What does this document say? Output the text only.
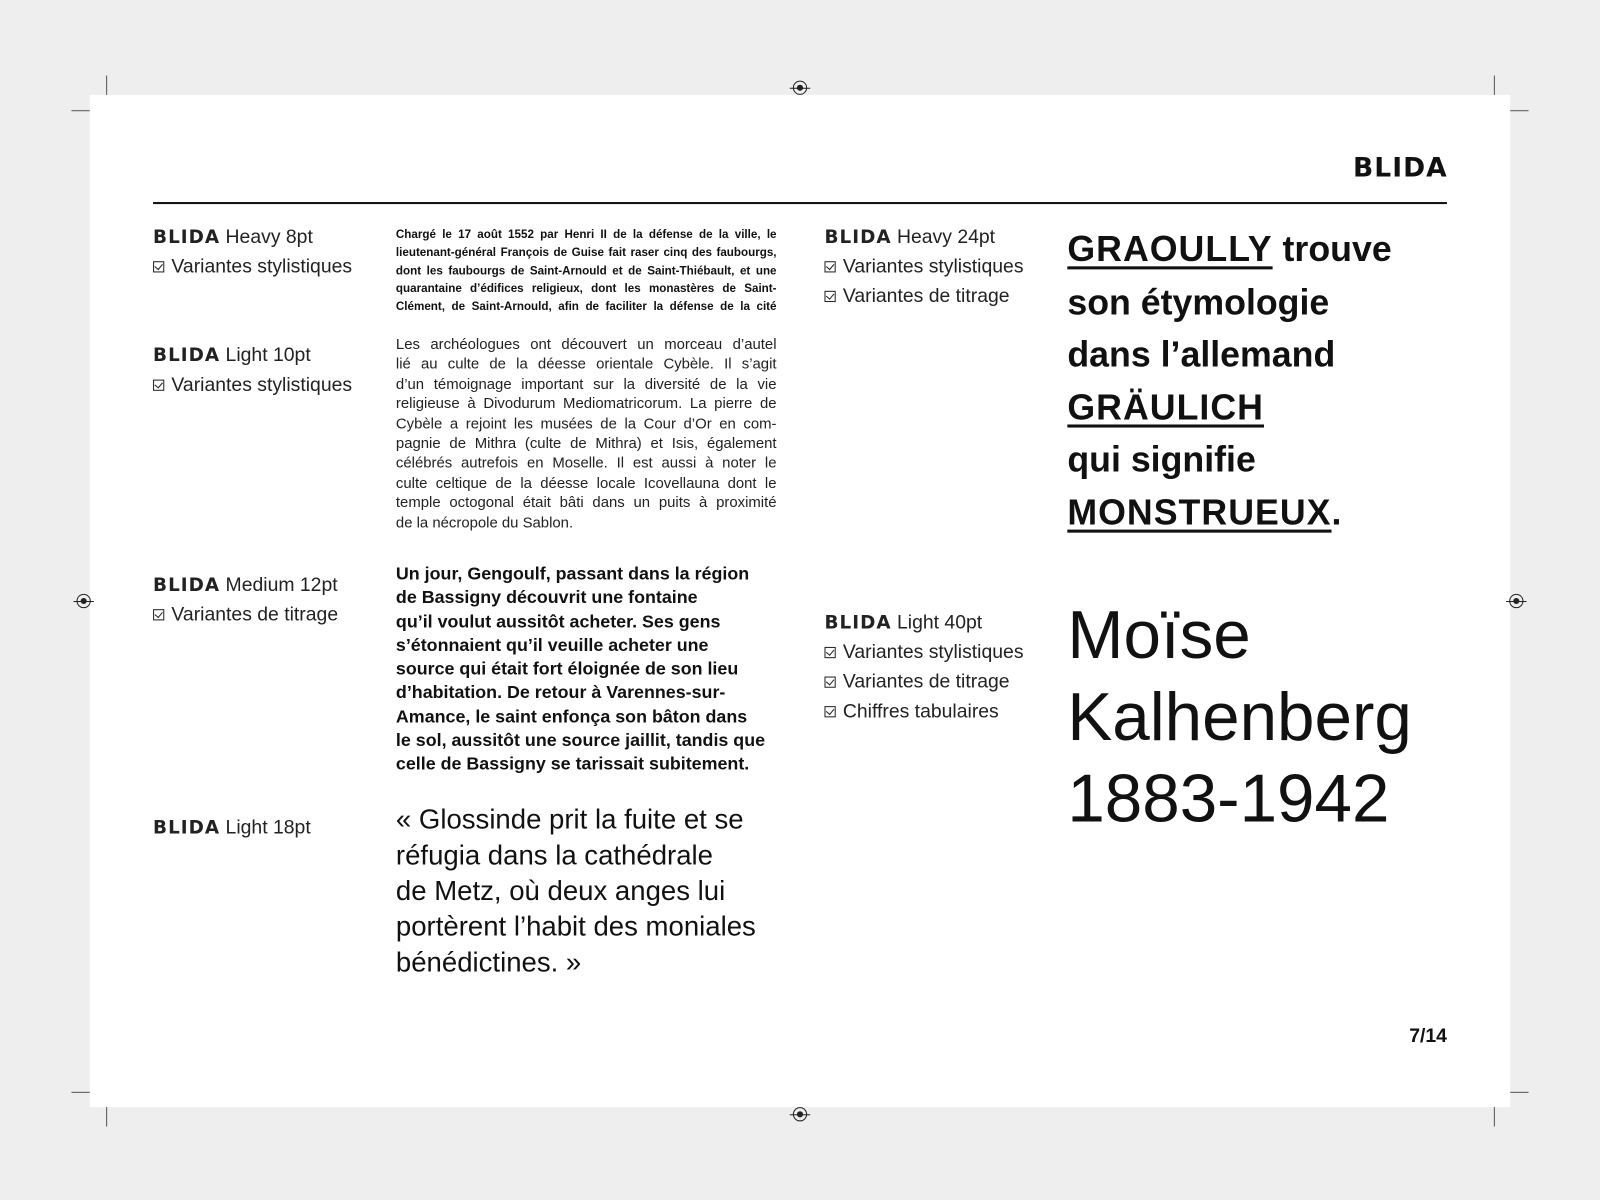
BLIDA
BLIDA Heavy 8pt
Variantes stylistiques
BLIDA Light 10pt
Variantes stylistiques
BLIDA Medium 12pt
Variantes de titrage
BLIDA Light 18pt
BLIDA Heavy 24pt
Variantes stylistiques
Variantes de titrage
BLIDA Light 40pt
Variantes stylistiques
Variantes de titrage
Chiffres tabulaires
Chargé le 17 août 1552 par Henri II de la défense de la ville, le
lieutenant-général François de Guise fait raser cinq des faubourgs,
dont les faubourgs de Saint-Arnould et de Saint-Thiébault, et une
quarantaine d’édifices religieux, dont les monastères de Saint-
Clément, de Saint-Arnould, afin de faciliter la défense de la cité
Les archéologues ont découvert un morceau d’autel
lié au culte de la déesse orientale Cybèle. Il s’agit
d’un témoignage important sur la diversité de la vie
religieuse à Divodurum Mediomatricorum. La pierre de
Cybèle a rejoint les musées de la Cour d’Or en com-
pagnie de Mithra (culte de Mithra) et Isis, également
célébrés autrefois en Moselle. Il est aussi à noter le
culte celtique de la déesse locale Icovellauna dont le
temple octogonal était bâti dans un puits à proximité
de la nécropole du Sablon.
Un jour, Gengoulf, passant dans la région
de Bassigny découvrit une fontaine
qu’il voulut aussitôt acheter. Ses gens
s’étonnaient qu’il veuille acheter une
source qui était fort éloignée de son lieu
d’habitation. De retour à Varennes-sur-
Amance, le saint enfonça son bâton dans
le sol, aussitôt une source jaillit, tandis que
celle de Bassigny se tarissait subitement.
« Glossinde prit la fuite et se
réfugia dans la cathédrale
de Metz, où deux anges lui
portèrent l’habit des moniales
bénédictines. »
GRAOULLY trouve
son étymologie
dans l’allemand
GRÄULICH
qui signifie
MONSTRUEUX.
Moïse
Kalhenberg
1883-1942
7/14
